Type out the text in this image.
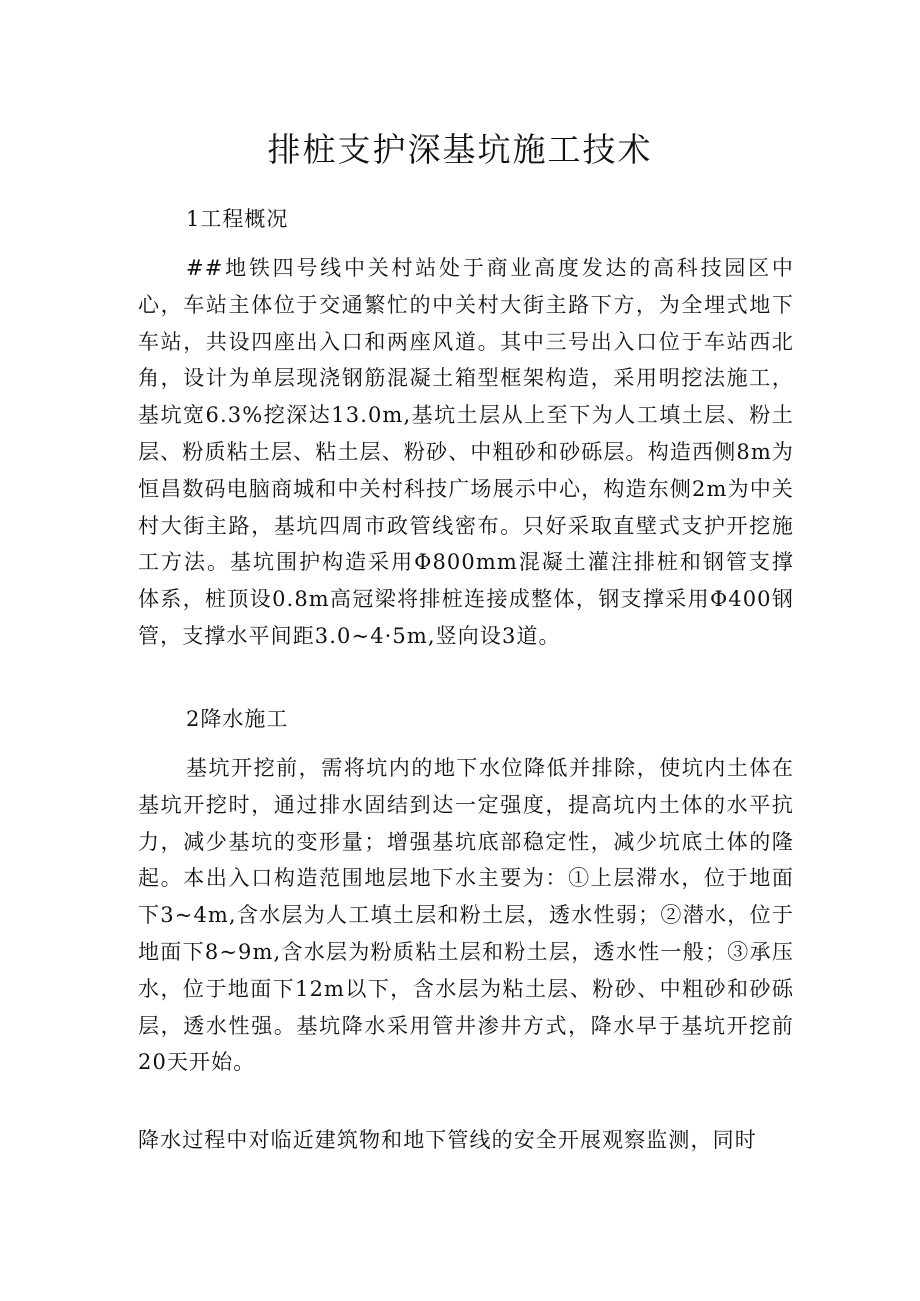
排桩支护深基坑施工技术
1工程概况

##地铁四号线中关村站处于商业高度发达的高科技园区中心，车站主体位于交通繁忙的中关村大街主路下方，为全埋式地下车站，共设四座出入口和两座风道。其中三号出入口位于车站西北角，设计为单层现浇钢筋混凝土箱型框架构造，采用明挖法施工，基坑宽6.3%挖深达13.0m,基坑土层从上至下为人工填土层、粉土层、粉质粘土层、粘土层、粉砂、中粗砂和砂砾层。构造西侧8m为恒昌数码电脑商城和中关村科技广场展示中心，构造东侧2m为中关村大街主路，基坑四周市政管线密布。只好采取直壁式支护开挖施工方法。基坑围护构造采用Φ800mm混凝土灌注排桩和钢管支撑体系，桩顶设0.8m高冠梁将排桩连接成整体，钢支撑采用Φ400钢管，支撑水平间距3.0~4·5m,竖向设3道。

2降水施工

基坑开挖前，需将坑内的地下水位降低并排除，使坑内土体在基坑开挖时，通过排水固结到达一定强度，提高坑内土体的水平抗力，减少基坑的变形量；增强基坑底部稳定性，减少坑底土体的隆起。本出入口构造范围地层地下水主要为：①上层滞水，位于地面下3~4m,含水层为人工填土层和粉土层，透水性弱；②潜水，位于地面下8~9m,含水层为粉质粘土层和粉土层，透水性一般；③承压水，位于地面下12m以下，含水层为粘土层、粉砂、中粗砂和砂砾层，透水性强。基坑降水采用管井渗井方式，降水早于基坑开挖前20天开始。

降水过程中对临近建筑物和地下管线的安全开展观察监测，同时
